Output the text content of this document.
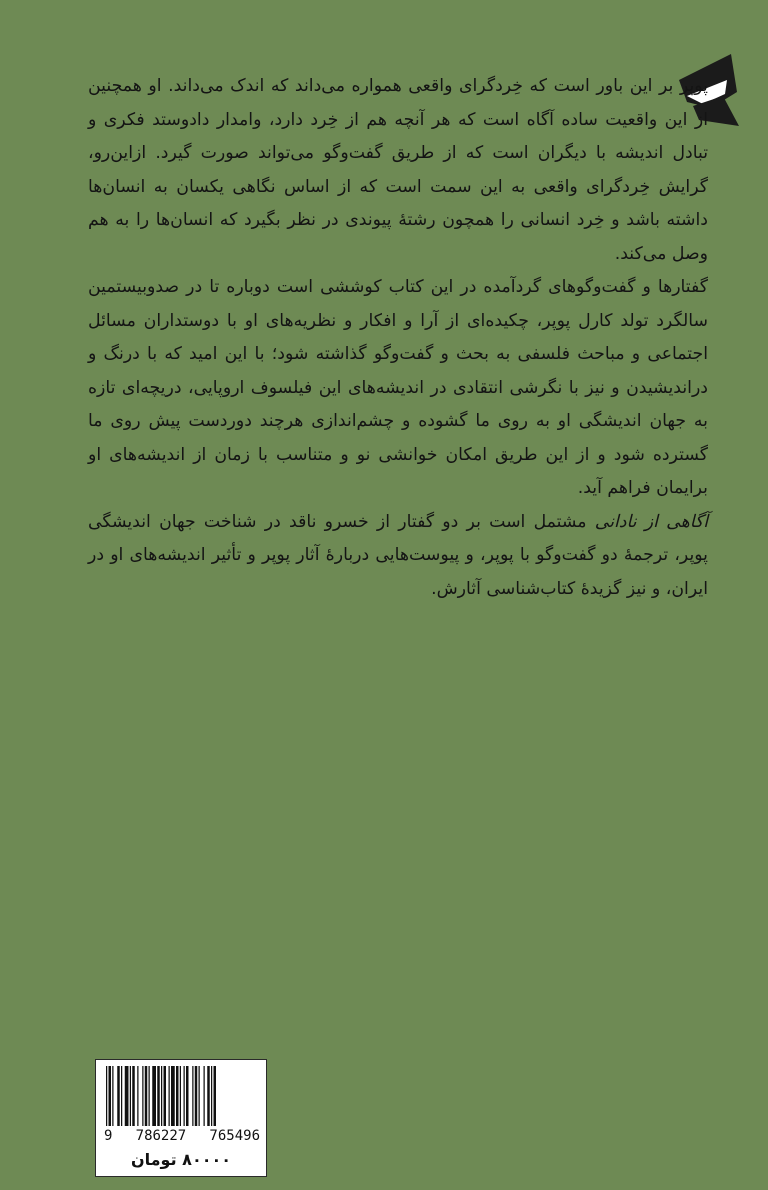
پوپر بر این باور است که خِردگرای واقعی همواره می‌داند که اندک می‌داند. او همچنین از این واقعیت ساده آگاه است که هر آنچه هم از خِرد دارد، وامدار دادوستد فکری و تبادل اندیشه با دیگران است که از طریق گفت‌وگو می‌تواند صورت گیرد. ازاین‌رو، گرایش خِردگرای واقعی به این سمت است که از اساس نگاهی یکسان به انسان‌ها داشته باشد و خِرد انسانی را همچون رشتهٔ پیوندی در نظر بگیرد که انسان‌ها را به هم وصل می‌کند.

گفتارها و گفت‌وگوهای گردآمده در این کتاب کوششی است دوباره تا در صدوبیستمین سالگرد تولد کارل پوپر، چکیده‌ای از آرا و افکار و نظریه‌های او با دوستداران مسائل اجتماعی و مباحث فلسفی به بحث و گفت‌وگو گذاشته شود؛ با این امید که با درنگ و دراندیشیدن و نیز با نگرشی انتقادی در اندیشه‌های این فیلسوف اروپایی، دریچه‌ای تازه به جهان اندیشگی او به روی ما گشوده و چشم‌اندازی هرچند دوردست پیش روی ما گسترده شود و از این طریق امکان خوانشی نو و متناسب با زمان از اندیشه‌های او برایمان فراهم آید.

آگاهی از نادانی مشتمل است بر دو گفتار از خسرو ناقد در شناخت جهان اندیشگی پوپر، ترجمهٔ دو گفت‌وگو با پوپر، و پیوست‌هایی دربارهٔ آثار پوپر و تأثیر اندیشه‌های او در ایران، و نیز گزیدهٔ کتاب‌شناسی آثارش.

9 786227 765496
۸۰۰۰۰ تومان
